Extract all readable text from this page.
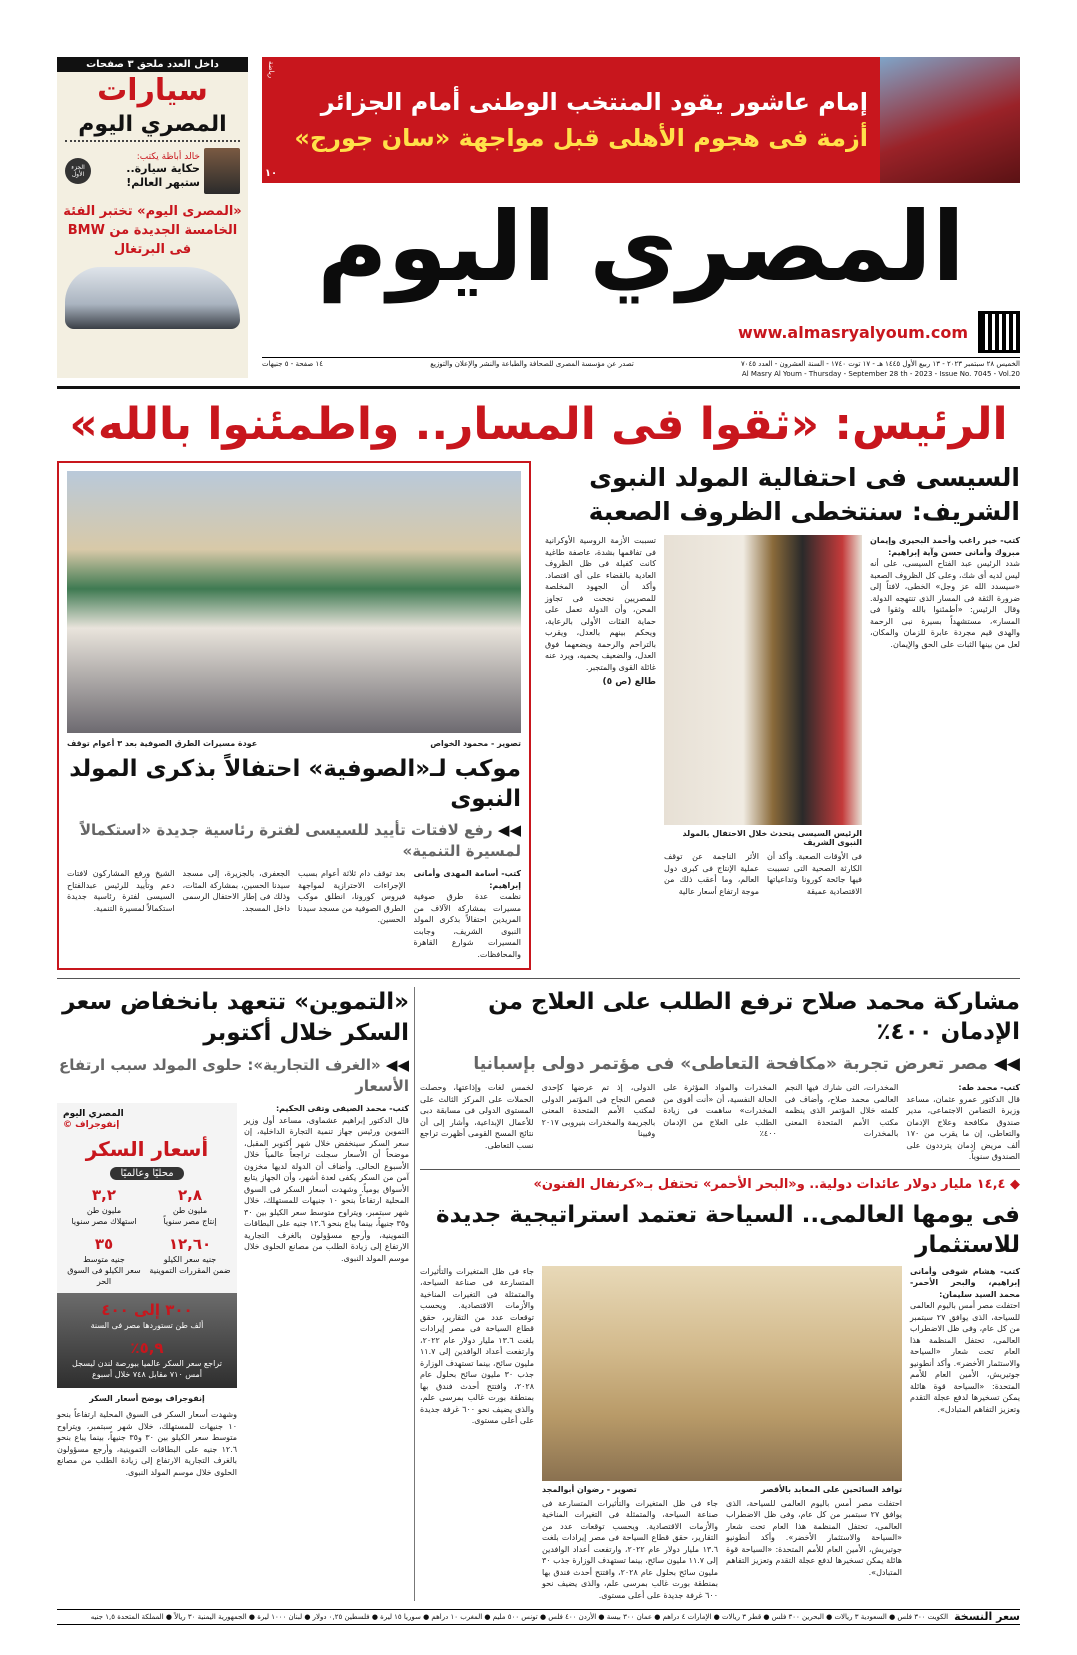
إمام عاشور يقود المنتخب الوطنى أمام الجزائر
أزمة فى هجوم الأهلى قبل مواجهة «سان جورج»
رياضة
١٠
المصري اليوم
www.almasryalyoum.com
الخميس ٢٨ سبتمبر ٢٠٢٣ - ١٣ ربيع الأول ١٤٤٥ هـ - ١٧ توت ١٧٤٠ - السنة العشرون - العدد ٧٠٤٥
تصدر عن مؤسسة المصرى للصحافة والطباعة والنشر والإعلان والتوزيع
١٤ صفحة - ٥ جنيهات
Al Masry Al Youm - Thursday - September 28 th - 2023 - Issue No. 7045 - Vol.20
داخل العدد ملحق ٣ صفحات
سيارات
المصري اليوم
خالد أباظة يكتب:
حكاية سيارة.. ستبهر العالم!
الجزء الأول
«المصرى اليوم» تختبر الفئة الخامسة الجديدة من BMW فى البرتغال
الرئيس: «ثقوا فى المسار.. واطمئنوا بالله»
السيسى فى احتفالية المولد النبوى الشريف: سنتخطى الظروف الصعبة
كتب- خير راغب وأحمد البحيرى وإيمان مبروك وأمانى حسن وآية إبراهيم:
شدد الرئيس عبد الفتاح السيسى، على أنه ليس لديه أى شك، وعلى كل الظروف الصعبة «سيسدد الله عز وجل» الخطى، لافتاً إلى ضرورة الثقة فى المسار الذى تنتهجه الدولة. وقال الرئيس: «أطمئنوا بالله وثقوا فى المسار»، مستشهداً بسيرة نبى الرحمة والهدى قيم مجردة عابرة للزمان والمكان، لعل من بينها الثبات على الحق والإيمان.
الرئيس السيسى يتحدث خلال الاحتفال بالمولد النبوى الشريف
فى الأوقات الصعبة. وأكد أن الكارثة الصحية التى تسببت فيها جائحة كورونا وتداعياتها الاقتصادية عميقة
الأثر الناجمة عن توقف عملية الإنتاج فى كبرى دول العالم، وما أعقب ذلك من موجة ارتفاع أسعار عالية
تسببت الأزمة الروسية الأوكرانية فى تفاقمها بشدة، عاصفة طاغية كانت كفيلة فى ظل الظروف العادية بالقضاء على أى اقتصاد. وأكد أن الجهود المخلصة للمصريين نجحت فى تجاوز المحن، وأن الدولة تعمل على حماية الفئات الأولى بالرعاية، ويحكم بينهم بالعدل، ويقرب بالتراحم والرحمة ويضعهما فوق العدل، والضعيف يحميه، ويرد عنه غائلة القوى والمتجبر.
طالع (ص ٥)
تصوير - محمود الخواص
عودة مسيرات الطرق الصوفية بعد ٣ أعوام توقف
موكب لـ«الصوفية» احتفالاً بذكرى المولد النبوى
◀◀ رفع لافتات تأييد للسيسى لفترة رئاسية جديدة «استكمالاً لمسيرة التنمية»
كتب- أسامة المهدى وأمانى إبراهيم:
نظمت عدة طرق صوفية مسيرات بمشاركة الآلاف من المريدين احتفالاً بذكرى المولد النبوى الشريف، وجابت المسيرات شوارع القاهرة والمحافظات.
بعد توقف دام ثلاثة أعوام بسبب الإجراءات الاحترازية لمواجهة فيروس كورونا، انطلق موكب الطرق الصوفية من مسجد سيدنا الحسين.
الجعفرى، بالجزيرة، إلى مسجد سيدنا الحسين، بمشاركة المئات، وذلك فى إطار الاحتفال الرسمى داخل المسجد.
الشيخ ورفع المشاركون لافتات دعم وتأييد للرئيس عبدالفتاح السيسى لفترة رئاسية جديدة استكمالاً لمسيرة التنمية.
مشاركة محمد صلاح ترفع الطلب على العلاج من الإدمان ٤٠٠٪
◀◀ مصر تعرض تجربة «مكافحة التعاطى» فى مؤتمر دولى بإسبانيا
كتب- محمد طه:
قال الدكتور عمرو عثمان، مساعد وزيرة التضامن الاجتماعى، مدير صندوق مكافحة وعلاج الإدمان والتعاطى، إن ما يقرب من ١٧٠ ألف مريض إدمان يترددون على الصندوق سنوياً.
المخدرات، التى شارك فيها النجم العالمى محمد صلاح، وأضاف فى كلمته خلال المؤتمر الذى ينظمه مكتب الأمم المتحدة المعنى بالمخدرات
المخدرات والمواد المؤثرة على الحالة النفسية، أن «أنت أقوى من المخدرات» ساهمت فى زيادة الطلب على العلاج من الإدمان ٤٠٠٪
الدولى، إذ تم عرضها كإحدى قصص النجاح فى المؤتمر الدولى لمكتب الأمم المتحدة المعنى بالجريمة والمخدرات بنيروبى ٢٠١٧ وفيينا
لخمس لغات وإذاعتها، وحصلت الحملات على المركز الثالث على المستوى الدولى فى مسابقة دبى للأعمال الإبداعية، وأشار إلى أن نتائج المسح القومى أظهرت تراجع نسب التعاطى.
◆ ١٤,٤ مليار دولار عائدات دولية.. و«البحر الأحمر» تحتفل بـ«كرنفال الفنون»
فى يومها العالمى.. السياحة تعتمد استراتيجية جديدة للاستثمار
كتب- هشام شوقى وأمانى إبراهيم، والبحر الأحمر- محمد السيد سليمان:
احتفلت مصر أمس باليوم العالمى للسياحة، الذى يوافق ٢٧ سبتمبر من كل عام، وفى ظل الاضطراب العالمى، تحتفل المنظمة هذا العام تحت شعار «السياحة والاستثمار الأخضر». وأكد أنطونيو جوتيريش، الأمين العام للأمم المتحدة: «السياحة قوة هائلة يمكن تسخيرها لدفع عجلة التقدم وتعزيز التفاهم المتبادل».
توافد السائحين على المعابد بالأقصر
تصوير - رضوان أبوالمجد
احتفلت مصر أمس باليوم العالمى للسياحة، الذى يوافق ٢٧ سبتمبر من كل عام، وفى ظل الاضطراب العالمى، تحتفل المنظمة هذا العام تحت شعار «السياحة والاستثمار الأخضر». وأكد أنطونيو جوتيريش، الأمين العام للأمم المتحدة: «السياحة قوة هائلة يمكن تسخيرها لدفع عجلة التقدم وتعزيز التفاهم المتبادل».
جاء فى ظل المتغيرات والتأثيرات المتسارعة فى صناعة السياحة، والمتمثلة فى التغيرات المناخية والأزمات الاقتصادية. ويحسب توقعات عدد من التقارير، حقق قطاع السياحة فى مصر إيرادات بلغت ١٣.٦ مليار دولار عام ٢٠٢٢، وارتفعت أعداد الوافدين إلى ١١.٧ مليون سائح، بينما تستهدف الوزارة جذب ٣٠ مليون سائح بحلول عام ٢٠٢٨، وافتتح أحدث فندق بها بمنطقة بورت غالب بمرسى علم، والذى يضيف نحو ٦٠٠ غرفة جديدة على أعلى مستوى.
جاء فى ظل المتغيرات والتأثيرات المتسارعة فى صناعة السياحة، والمتمثلة فى التغيرات المناخية والأزمات الاقتصادية. ويحسب توقعات عدد من التقارير، حقق قطاع السياحة فى مصر إيرادات بلغت ١٣.٦ مليار دولار عام ٢٠٢٢، وارتفعت أعداد الوافدين إلى ١١.٧ مليون سائح، بينما تستهدف الوزارة جذب ٣٠ مليون سائح بحلول عام ٢٠٢٨، وافتتح أحدث فندق بها بمنطقة بورت غالب بمرسى علم، والذى يضيف نحو ٦٠٠ غرفة جديدة على أعلى مستوى.
«التموين» تتعهد بانخفاض سعر السكر خلال أكتوبر
◀◀ «الغرف التجارية»: حلوى المولد سبب ارتفاع الأسعار
كتب- محمد الصيفى وتقى الحكيم:
قال الدكتور إبراهيم عشماوى، مساعد أول وزير التموين ورئيس جهاز تنمية التجارة الداخلية، إن سعر السكر سينخفض خلال شهر أكتوبر المقبل، موضحاً أن الأسعار سجلت تراجعاً عالمياً خلال الأسبوع الحالى. وأضاف أن الدولة لديها مخزون آمن من السكر يكفى لعدة أشهر، وأن الجهاز يتابع الأسواق يومياً. وشهدت أسعار السكر فى السوق المحلية ارتفاعاً بنحو ١٠ جنيهات للمستهلك، خلال شهر سبتمبر، ويتراوح متوسط سعر الكيلو بين ٣٠ و٣٥ جنيهاً، بينما يباع بنحو ١٢.٦ جنيه على البطاقات التموينية، وأرجع مسؤولون بالغرف التجارية الارتفاع إلى زيادة الطلب من مصانع الحلوى خلال موسم المولد النبوى.
المصري اليوم
إنفوجراف ©
أسعار السكر
محليًا وعالميًا
٢,٨
مليون طن
إنتاج مصر سنوياً
٣,٢
مليون طن
استهلاك مصر سنويا
١٢,٦٠
جنيه سعر الكيلو
ضمن المقررات التموينية
٣٥
جنيه متوسط
سعر الكيلو فى السوق الحر
٣٠٠ إلى ٤٠٠
ألف طن تستوردها مصر فى السنة
٥,٩٪
تراجع سعر السكر عالميا ببورصة لندن ليسجل أمس ٧١٠ مقابل ٧٤٨ خلال أسبوع
إنفوجراف يوضح أسعار السكر
وشهدت أسعار السكر فى السوق المحلية ارتفاعاً بنحو ١٠ جنيهات للمستهلك، خلال شهر سبتمبر، ويتراوح متوسط سعر الكيلو بين ٣٠ و٣٥ جنيهاً، بينما يباع بنحو ١٢.٦ جنيه على البطاقات التموينية، وأرجع مسؤولون بالغرف التجارية الارتفاع إلى زيادة الطلب من مصانع الحلوى خلال موسم المولد النبوى.
سعر النسخة
الكويت ٣٠٠ فلس ● السعودية ٣ ريالات ● البحرين ٣٠٠ فلس ● قطر ٣ ريالات ● الإمارات ٤ دراهم ● عمان ٣٠٠ بيسة ● الأردن ٤٠٠ فلس ● تونس ٥٠٠ مليم ● المغرب ١٠ دراهم ● سوريا ١٥ ليرة ● فلسطين ٠,٢٥ دولار ● لبنان ١٠٠٠ ليرة ● الجمهورية اليمنية ٣٠ ريالاً ● المملكة المتحدة ١,٥ جنيه
